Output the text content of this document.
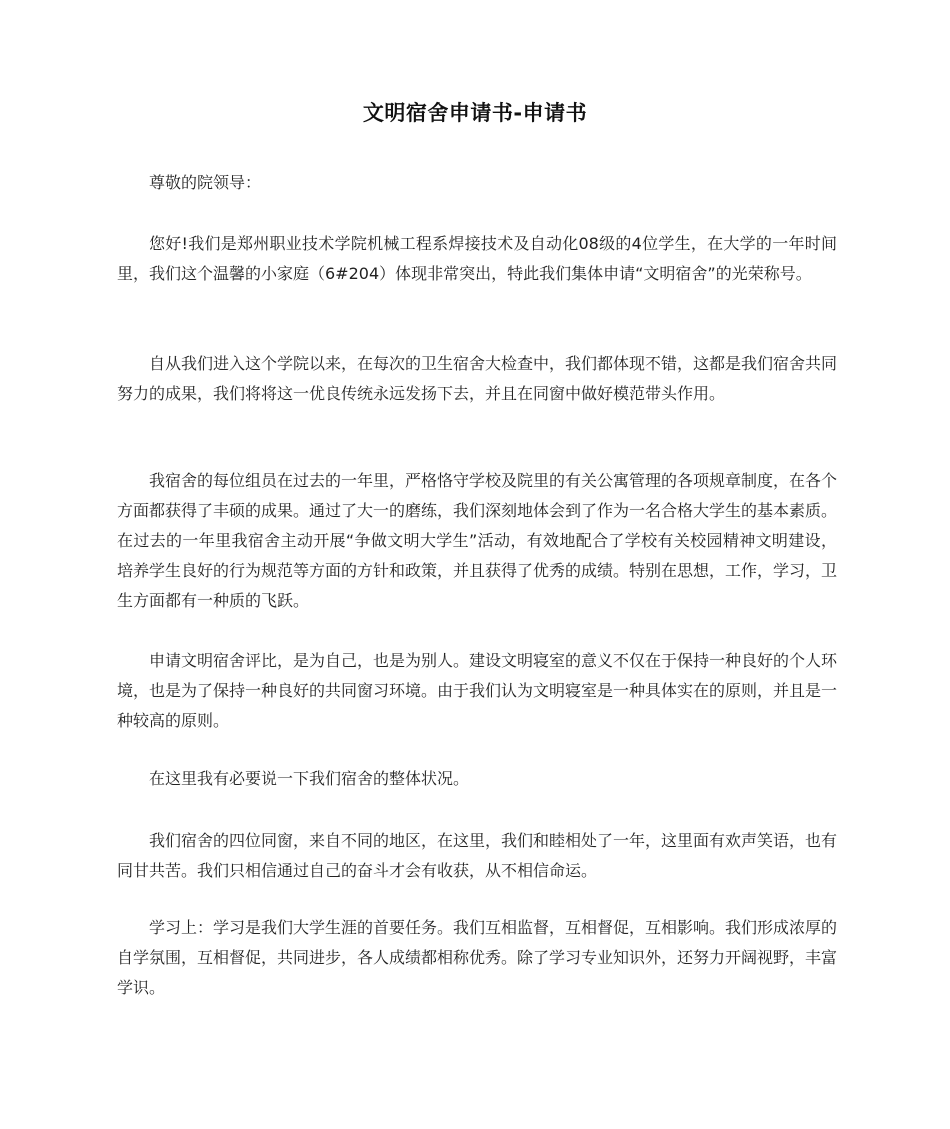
文明宿舍申请书-申请书

尊敬的院领导：

您好!我们是郑州职业技术学院机械工程系焊接技术及自动化08级的4位学生，在大学的一年时间里，我们这个温馨的小家庭（6#204）体现非常突出，特此我们集体申请“文明宿舍”的光荣称号。

自从我们进入这个学院以来，在每次的卫生宿舍大检查中，我们都体现不错，这都是我们宿舍共同努力的成果，我们将将这一优良传统永远发扬下去，并且在同窗中做好模范带头作用。

我宿舍的每位组员在过去的一年里，严格恪守学校及院里的有关公寓管理的各项规章制度，在各个方面都获得了丰硕的成果。通过了大一的磨练，我们深刻地体会到了作为一名合格大学生的基本素质。在过去的一年里我宿舍主动开展“争做文明大学生”活动，有效地配合了学校有关校园精神文明建设，培养学生良好的行为规范等方面的方针和政策，并且获得了优秀的成绩。特别在思想，工作，学习，卫生方面都有一种质的飞跃。

申请文明宿舍评比，是为自己，也是为别人。建设文明寝室的意义不仅在于保持一种良好的个人环境，也是为了保持一种良好的共同窗习环境。由于我们认为文明寝室是一种具体实在的原则，并且是一种较高的原则。

在这里我有必要说一下我们宿舍的整体状况。

我们宿舍的四位同窗，来自不同的地区，在这里，我们和睦相处了一年，这里面有欢声笑语，也有同甘共苦。我们只相信通过自己的奋斗才会有收获，从不相信命运。

学习上：学习是我们大学生涯的首要任务。我们互相监督，互相督促，互相影响。我们形成浓厚的自学氛围，互相督促，共同进步，各人成绩都相称优秀。除了学习专业知识外，还努力开阔视野，丰富学识。
